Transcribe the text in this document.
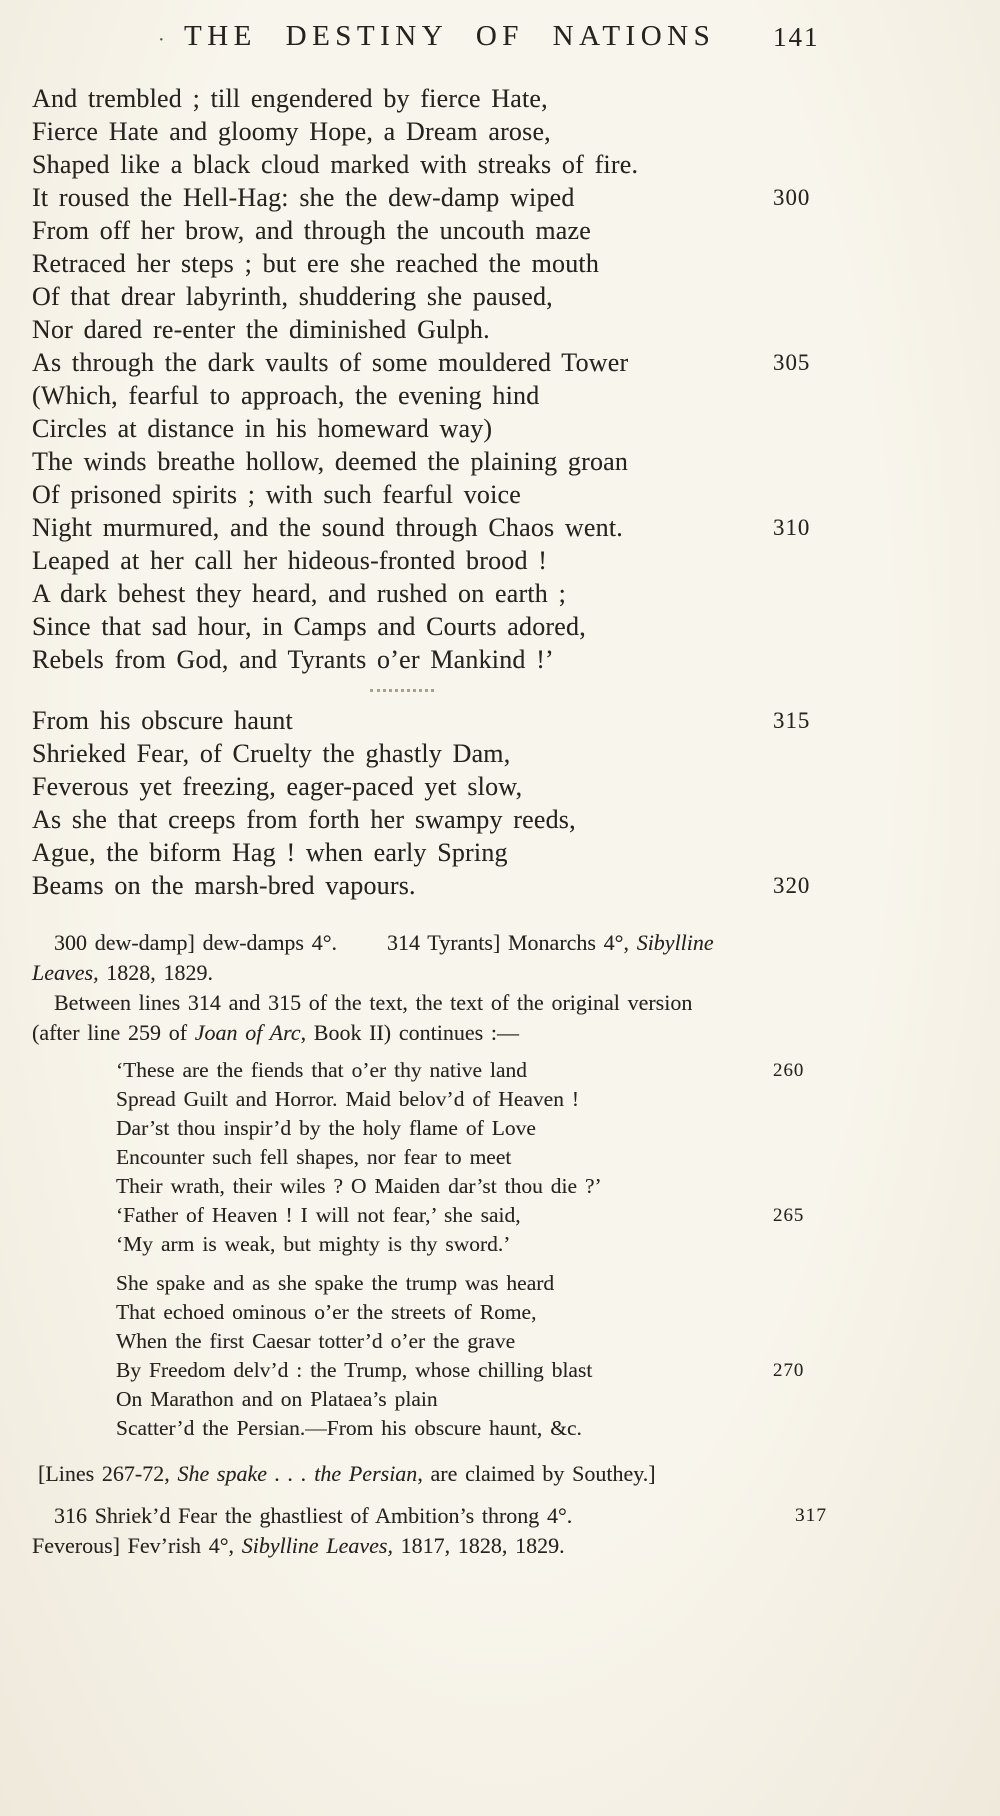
· THE DESTINY OF NATIONS 141
And trembled ; till engendered by fierce Hate,
Fierce Hate and gloomy Hope, a Dream arose,
Shaped like a black cloud marked with streaks of fire.
It roused the Hell-Hag: she the dew-damp wiped	300
From off her brow, and through the uncouth maze
Retraced her steps ; but ere she reached the mouth
Of that drear labyrinth, shuddering she paused,
Nor dared re-enter the diminished Gulph.
As through the dark vaults of some mouldered Tower	305
(Which, fearful to approach, the evening hind
Circles at distance in his homeward way)
The winds breathe hollow, deemed the plaining groan
Of prisoned spirits ; with such fearful voice
Night murmured, and the sound through Chaos went.	310
Leaped at her call her hideous-fronted brood !
A dark behest they heard, and rushed on earth ;
Since that sad hour, in Camps and Courts adored,
Rebels from God, and Tyrants o’er Mankind !’
From his obscure haunt	315
Shrieked Fear, of Cruelty the ghastly Dam,
Feverous yet freezing, eager-paced yet slow,
As she that creeps from forth her swampy reeds,
Ague, the biform Hag ! when early Spring
Beams on the marsh-bred vapours.	320

300 dew-damp] dew-damps 4°. 314 Tyrants] Monarchs 4°, Sibylline
Leaves, 1828, 1829.

Between lines 314 and 315 of the text, the text of the original version
(after line 259 of Joan of Arc, Book II) continues :—

‘These are the fiends that o’er thy native land	260
Spread Guilt and Horror. Maid belov’d of Heaven !
Dar’st thou inspir’d by the holy flame of Love
Encounter such fell shapes, nor fear to meet
Their wrath, their wiles ? O Maiden dar’st thou die ?’
‘Father of Heaven ! I will not fear,’ she said,	265
‘My arm is weak, but mighty is thy sword.’
She spake and as she spake the trump was heard
That echoed ominous o’er the streets of Rome,
When the first Caesar totter’d o’er the grave
By Freedom delv’d : the Trump, whose chilling blast	270
On Marathon and on Plataea’s plain
Scatter’d the Persian.—From his obscure haunt, &c.

[Lines 267-72, She spake . . . the Persian, are claimed by Southey.]

316 Shriek’d Fear the ghastliest of Ambition’s throng 4°.	317

Feverous] Fev’rish 4°, Sibylline Leaves, 1817, 1828, 1829.
